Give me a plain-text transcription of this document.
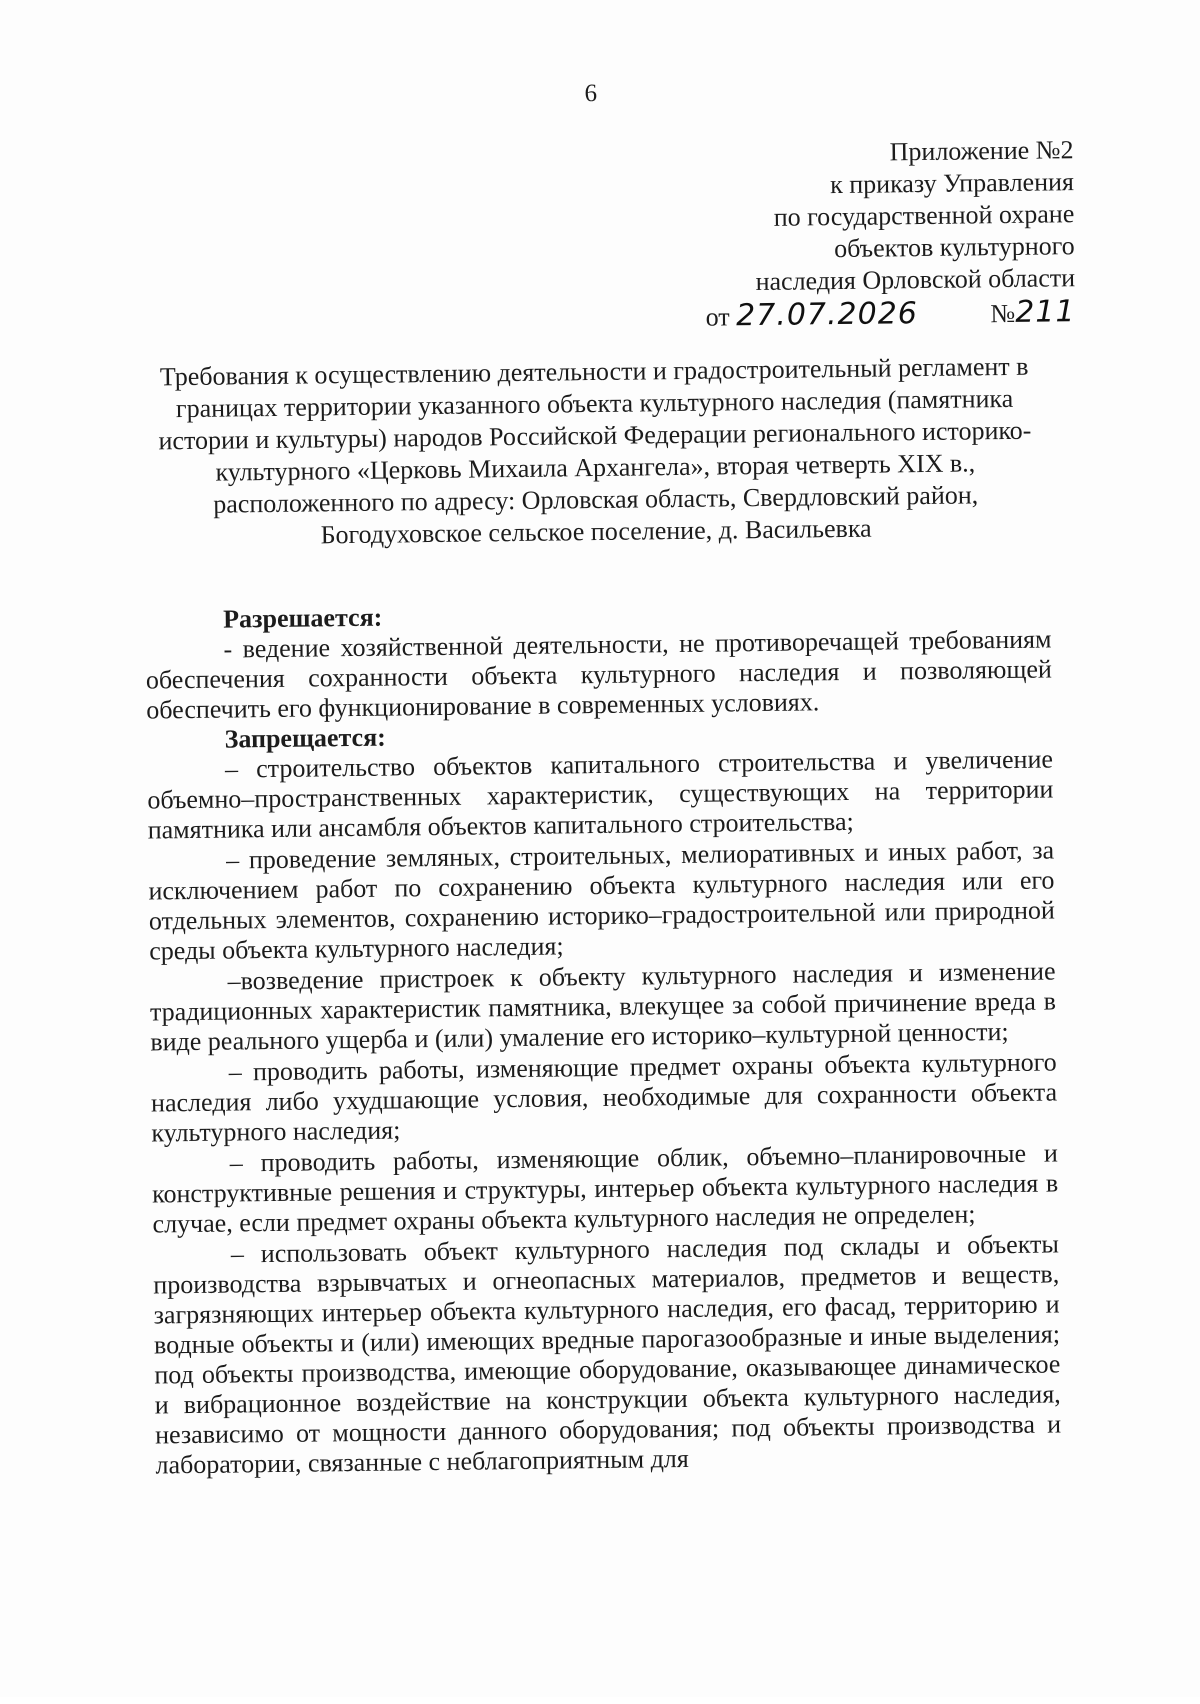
6
Приложение №2
к приказу Управления
по государственной охране
объектов культурного
наследия Орловской области
от 27.07.2026	№211
Требования к осуществлению деятельности и градостроительный регламент в
границах территории указанного объекта культурного наследия (памятника
истории и культуры) народов Российской Федерации регионального историко-
культурного «Церковь Михаила Архангела», вторая четверть XIX в.,
расположенного по адресу: Орловская область, Свердловский район,
Богодуховское сельское поселение, д. Васильевка
Разрешается:

- ведение хозяйственной деятельности, не противоречащей требованиям обеспечения сохранности объекта культурного наследия и позволяющей обеспечить его функционирование в современных условиях.

Запрещается:

– строительство объектов капитального строительства и увеличение объемно–пространственных характеристик, существующих на территории памятника или ансамбля объектов капитального строительства;

– проведение земляных, строительных, мелиоративных и иных работ, за исключением работ по сохранению объекта культурного наследия или его отдельных элементов, сохранению историко–градостроительной или природной среды объекта культурного наследия;

–возведение пристроек к объекту культурного наследия и изменение традиционных характеристик памятника, влекущее за собой причинение вреда в виде реального ущерба и (или) умаление его историко–культурной ценности;

– проводить работы, изменяющие предмет охраны объекта культурного наследия либо ухудшающие условия, необходимые для сохранности объекта культурного наследия;

– проводить работы, изменяющие облик, объемно–планировочные и конструктивные решения и структуры, интерьер объекта культурного наследия в случае, если предмет охраны объекта культурного наследия не определен;

– использовать объект культурного наследия под склады и объекты производства взрывчатых и огнеопасных материалов, предметов и веществ, загрязняющих интерьер объекта культурного наследия, его фасад, территорию и водные объекты и (или) имеющих вредные парогазообразные и иные выделения; под объекты производства, имеющие оборудование, оказывающее динамическое и вибрационное воздействие на конструкции объекта культурного наследия, независимо от мощности данного оборудования; под объекты производства и лаборатории, связанные с неблагоприятным для
